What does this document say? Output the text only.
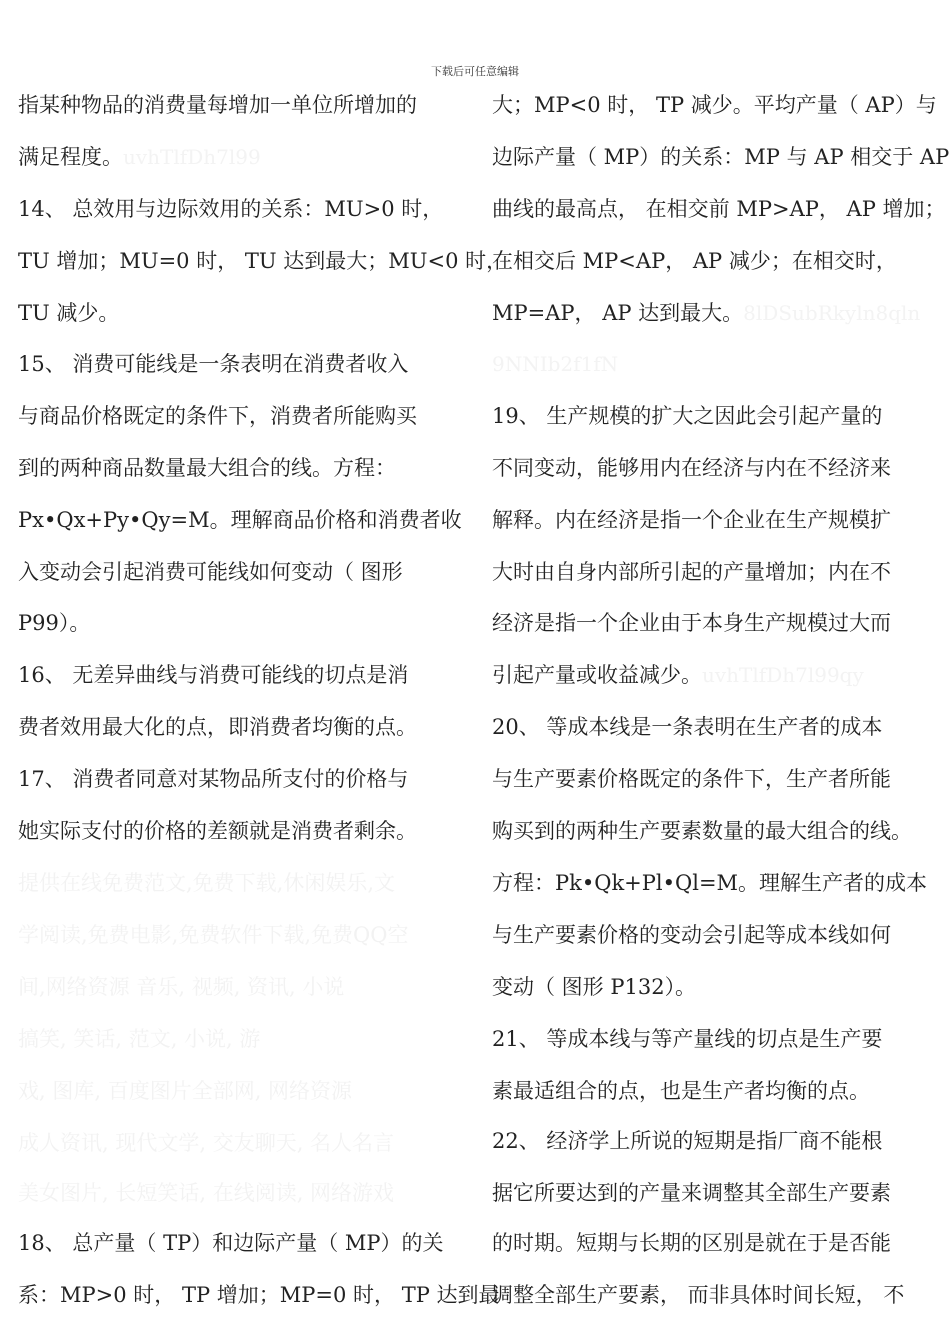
下载后可任意编辑
指某种物品的消费量每增加一单位所增加的
满足程度。uvhTlfDh7l99
14、 总效用与边际效用的关系：MU>0 时，
TU 增加；MU=0 时， TU 达到最大；MU<0 时，
TU 减少。
15、 消费可能线是一条表明在消费者收入
与商品价格既定的条件下，消费者所能购买
到的两种商品数量最大组合的线。方程：
Px•Qx+Py•Qy=M。理解商品价格和消费者收
入变动会引起消费可能线如何变动（ 图形
P99）。
16、 无差异曲线与消费可能线的切点是消
费者效用最大化的点，即消费者均衡的点。
17、 消费者同意对某物品所支付的价格与
她实际支付的价格的差额就是消费者剩余。
提供在线免费范文,免费下载,休闲娱乐,文
学阅读,免费电影,免费软件下载,免费QQ空
间,网络资源 音乐, 视频, 资讯, 小说
搞笑, 笑话, 范文, 小说, 游
戏, 图库, 百度图片全部网, 网络资源
成人资讯, 现代文学, 交友聊天, 名人名言
美女图片, 长短笑话, 在线阅读, 网络游戏
18、 总产量（ TP）和边际产量（ MP）的关
系：MP>0 时， TP 增加；MP=0 时， TP 达到最
大；MP<0 时， TP 减少。平均产量（ AP）与
边际产量（ MP）的关系：MP 与 AP 相交于 AP
曲线的最高点， 在相交前 MP>AP， AP 增加；
在相交后 MP<AP， AP 减少；在相交时，
MP=AP， AP 达到最大。8lDSubRkyln8qln
9NNIb2f1fN
19、 生产规模的扩大之因此会引起产量的
不同变动，能够用内在经济与内在不经济来
解释。内在经济是指一个企业在生产规模扩
大时由自身内部所引起的产量增加；内在不
经济是指一个企业由于本身生产规模过大而
引起产量或收益减少。uvhTlfDh7l99qy
20、 等成本线是一条表明在生产者的成本
与生产要素价格既定的条件下，生产者所能
购买到的两种生产要素数量的最大组合的线。
方程：Pk•Qk+Pl•Ql=M。理解生产者的成本
与生产要素价格的变动会引起等成本线如何
变动（ 图形 P132）。
21、 等成本线与等产量线的切点是生产要
素最适组合的点，也是生产者均衡的点。
22、 经济学上所说的短期是指厂商不能根
据它所要达到的产量来调整其全部生产要素
的时期。短期与长期的区别是就在于是否能
调整全部生产要素， 而非具体时间长短， 不
